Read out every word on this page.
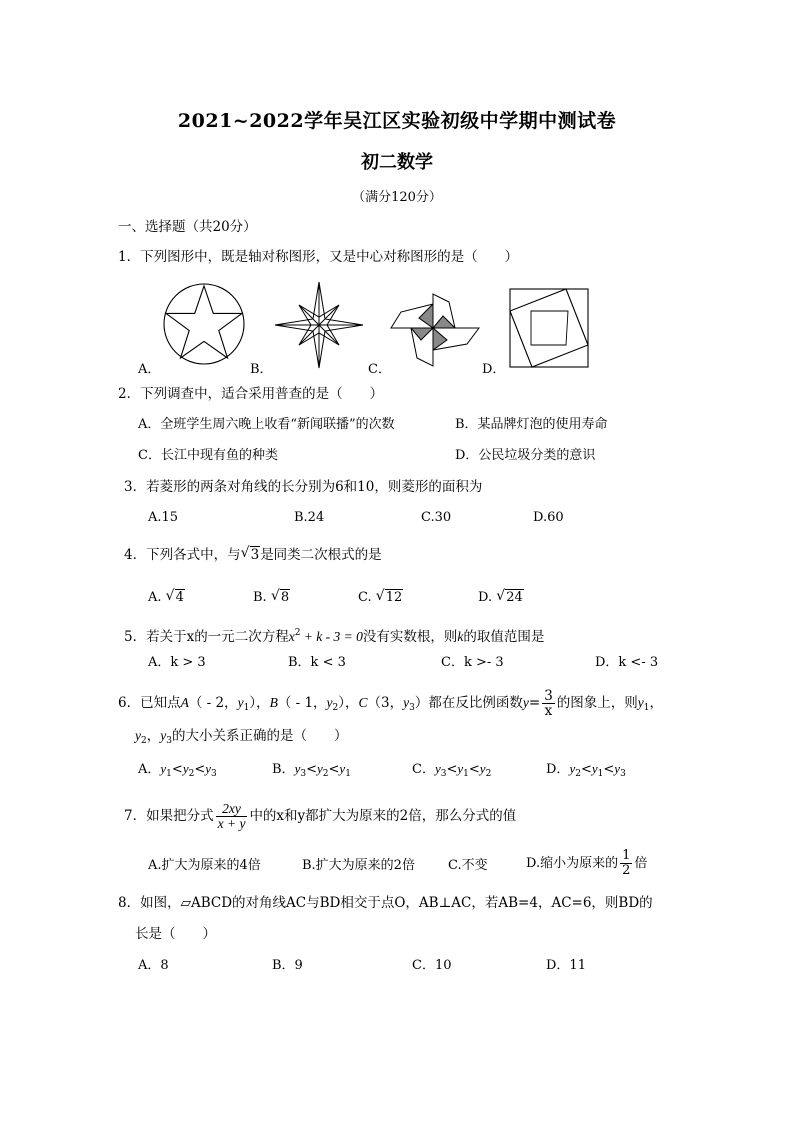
2021~2022学年吴江区实验初级中学期中测试卷
初二数学
（满分120分）
一、选择题（共20分）
1．下列图形中，既是轴对称图形，又是中心对称图形的是（　　）
A．	B．	C．	D．
2．下列调查中，适合采用普查的是（　　）
A．全班学生周六晚上收看“新闻联播”的次数	B．某品牌灯泡的使用寿命
C．长江中现有鱼的种类	D．公民垃圾分类的意识
3．若菱形的两条对角线的长分别为6和10，则菱形的面积为
A.15	B.24	C.30	D.60
4．下列各式中，与 √ 3是同类二次根式的是
A. √ 4	B. √ 8	C. √ 12	D. √ 24
5．若关于x的一元二次方程$x^2 + k - 3 = 0$没有实数根，则k的取值范围是
A．k > 3	B．k < 3	C．k >- 3	D．k <- 3
6．已知点A（ - 2，$y_1$），B（ - 1，$y_2$），C（3，$y_3$）都在反比例函数$y= \frac{3}{x}$ 的图象上，则$y_1$，
$y_2$，$y_3$的大小关系正确的是（　　）
A．$y_1<y_2<y_3$	B．$y_3<y_2<y_1$	C．$y_3<y_1<y_2$	D．$y_2<y_1<y_3$
7．如果把分式 $\frac{2xy}{x + y}$ 中的x和y都扩大为原来的2倍，那么分式的值
A.扩大为原来的4倍	B.扩大为原来的2倍	C.不变	D.缩小为原来的 $\frac{1}{2}$ 倍
8．如图，▱ABCD的对角线AC与BD相交于点O，AB⊥AC，若AB=4，AC=6，则BD的
长是（　　）
A．8	B．9	C．10	D．11
